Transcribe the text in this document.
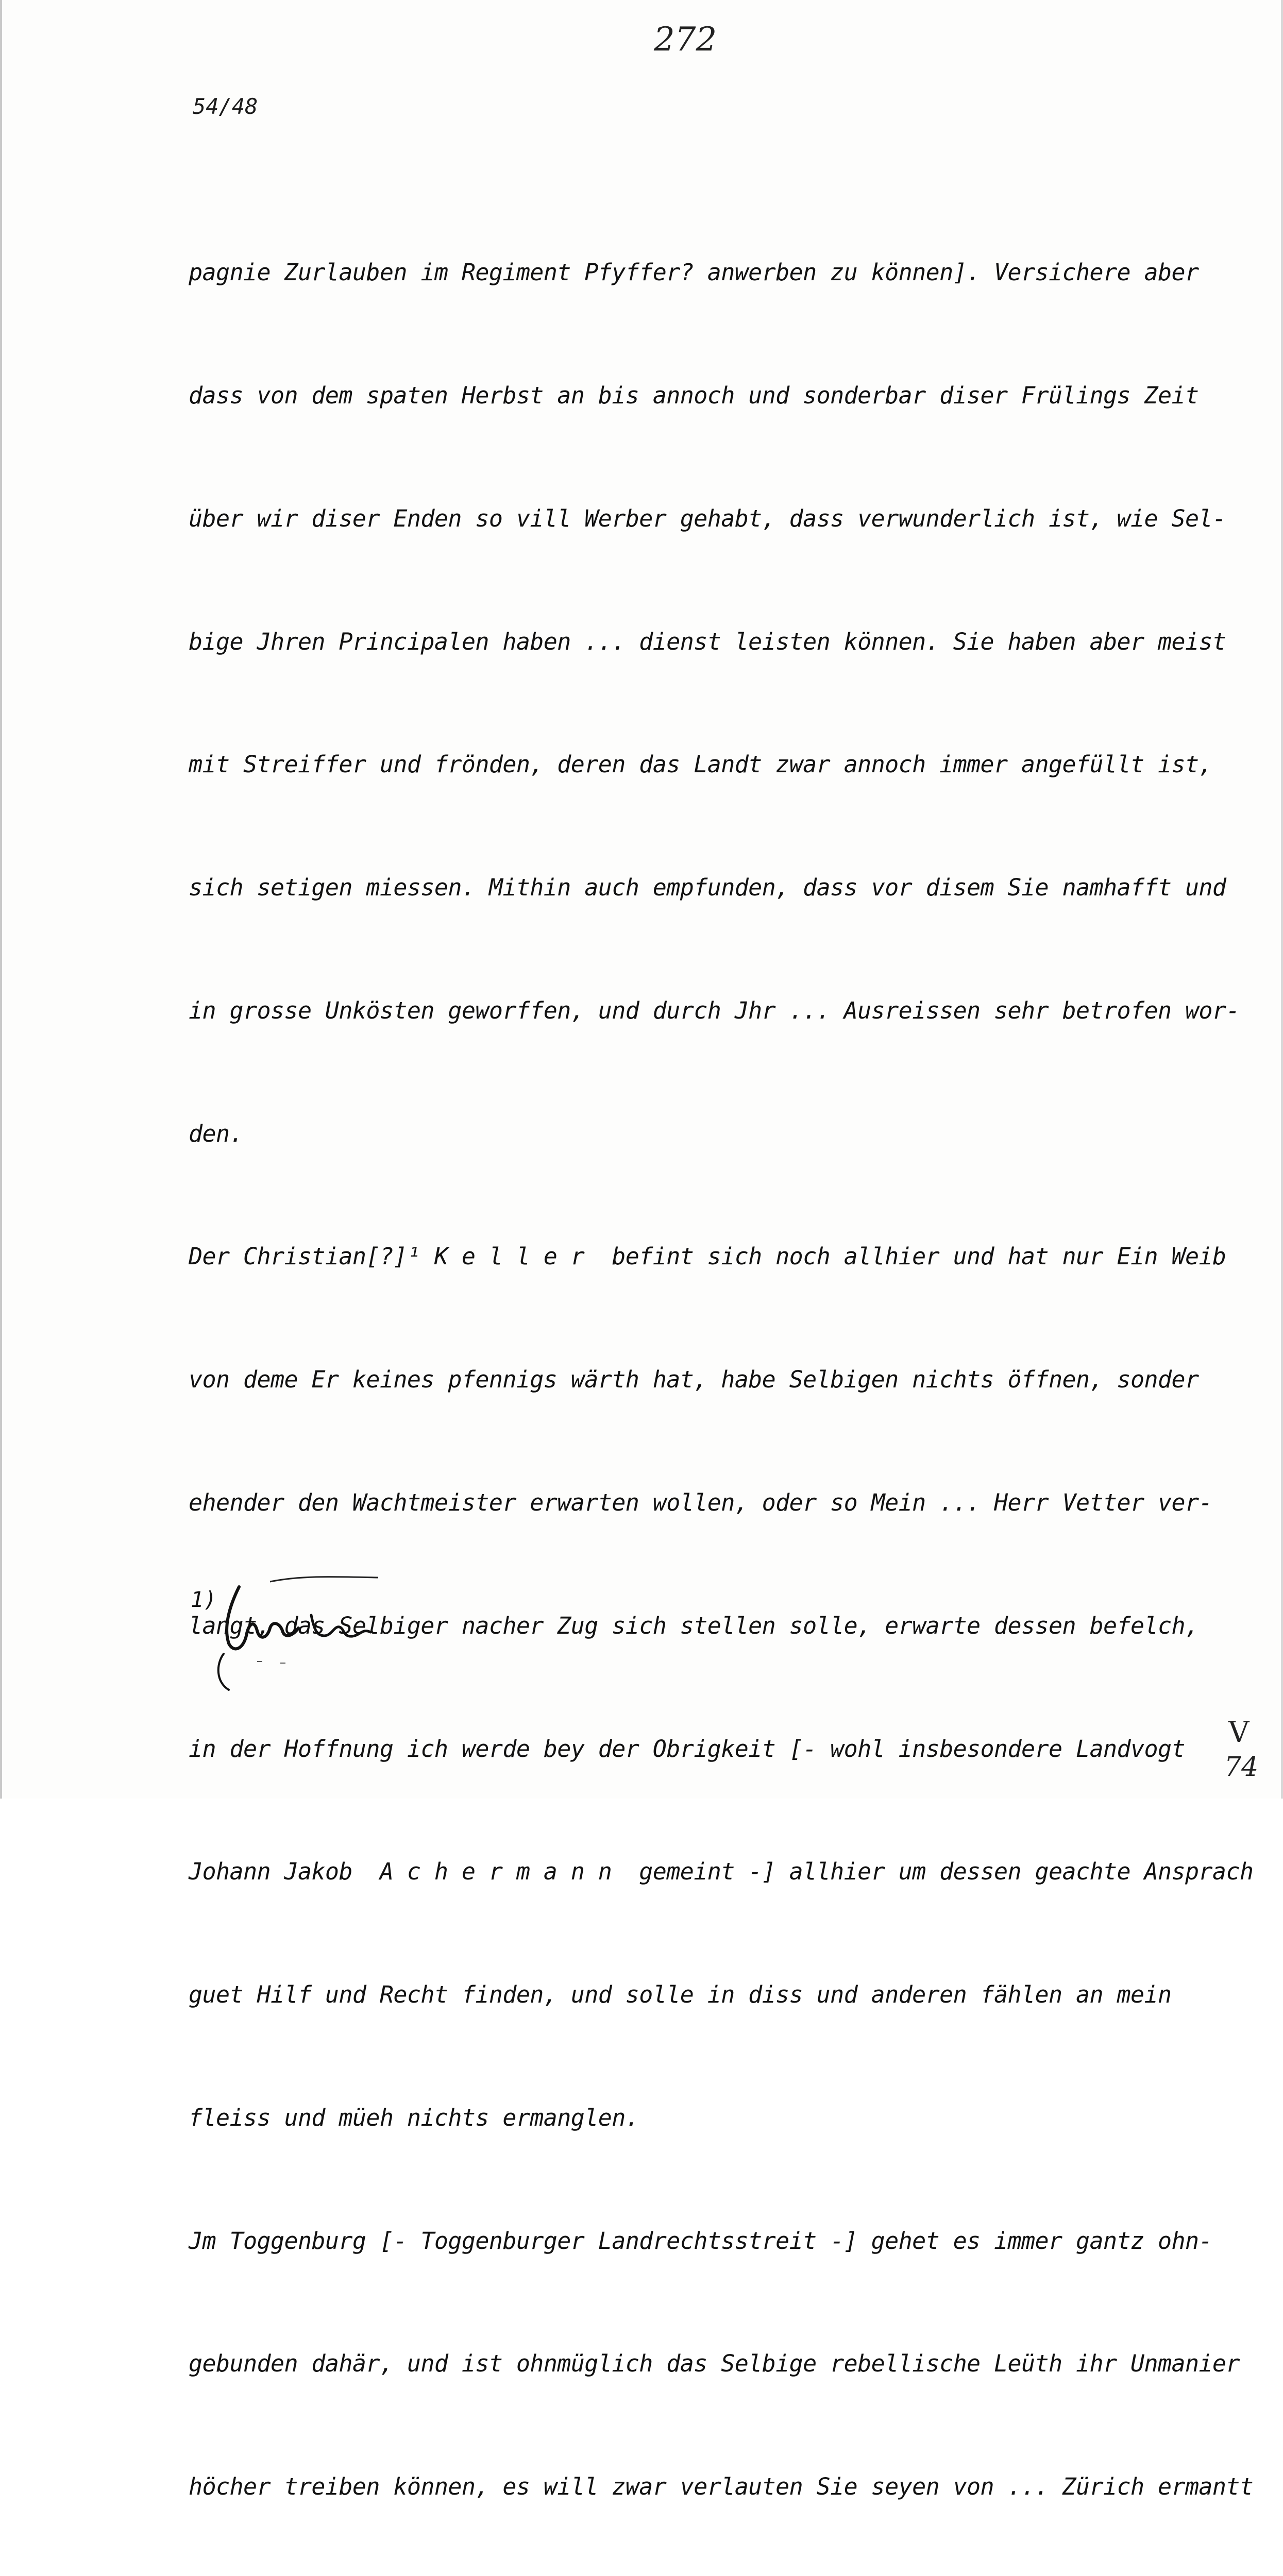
272
54/48

pagnie Zurlauben im Regiment Pfyffer? anwerben zu können]. Versichere aber

dass von dem spaten Herbst an bis annoch und sonderbar diser Frülings Zeit

über wir diser Enden so vill Werber gehabt, dass verwunderlich ist, wie Sel-

bige Jhren Principalen haben ... dienst leisten können. Sie haben aber meist

mit Streiffer und frönden, deren das Landt zwar annoch immer angefüllt ist,

sich setigen miessen. Mithin auch empfunden, dass vor disem Sie namhafft und

in grosse Unkösten geworffen, und durch Jhr ... Ausreissen sehr betrofen wor-

den.

Der Christian[?]¹ K e l l e r  befint sich noch allhier und hat nur Ein Weib

von deme Er keines pfennigs wärth hat, habe Selbigen nichts öffnen, sonder

ehender den Wachtmeister erwarten wollen, oder so Mein ... Herr Vetter ver-

langt, das Selbiger nacher Zug sich stellen solle, erwarte dessen befelch,

in der Hoffnung ich werde bey der Obrigkeit [- wohl insbesondere Landvogt

Johann Jakob  A c h e r m a n n  gemeint -] allhier um dessen geachte Ansprach

guet Hilf und Recht finden, und solle in diss und anderen fählen an mein

fleiss und müeh nichts ermanglen.

Jm Toggenburg [- Toggenburger Landrechtsstreit -] gehet es immer gantz ohn-

gebunden dahär, und ist ohnmüglich das Selbige rebellische Leüth ihr Unmanier

höcher treiben können, es will zwar verlauten Sie seyen von ... Zürich ermantt

1)
V
74
